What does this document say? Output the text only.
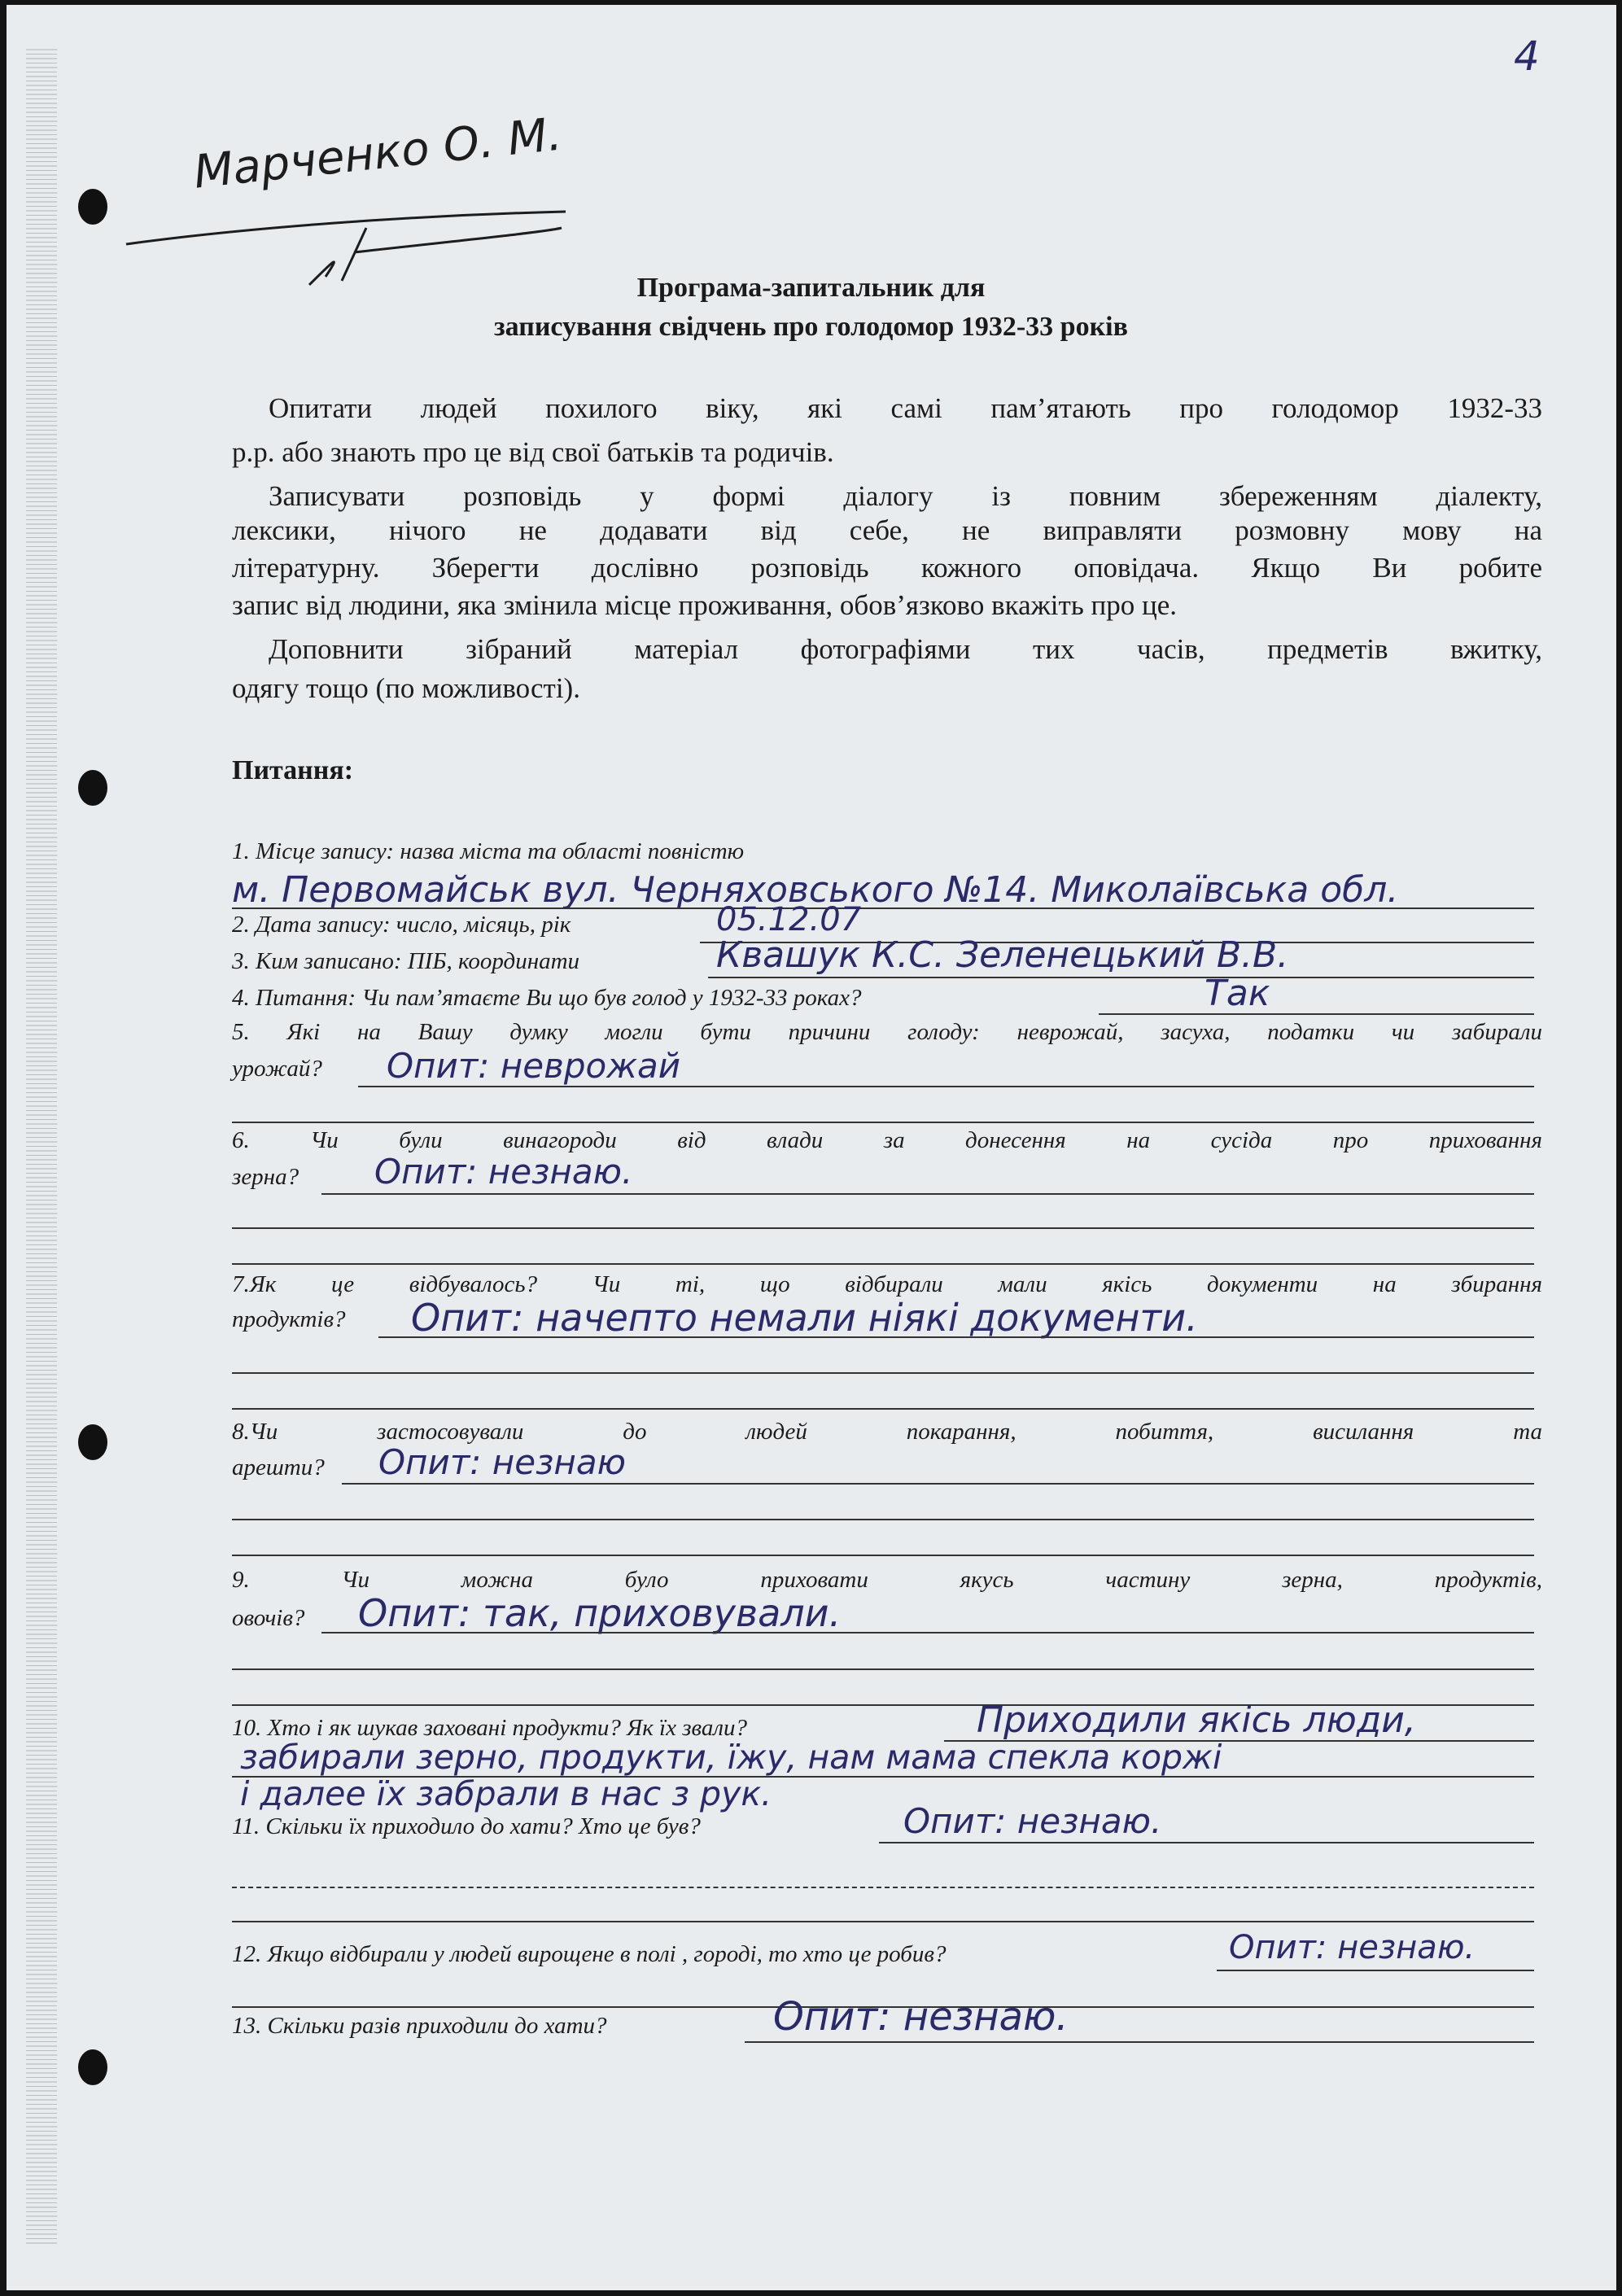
4
Марченко О. М.
Програма-запитальник для
записування свідчень про голодомор 1932-33 років
Опитати людей похилого віку, які самі пам’ятають про голодомор 1932-33
р.р. або знають про це від свої батьків та родичів.
Записувати розповідь у формі діалогу із повним збереженням діалекту,
лексики, нічого не додавати від себе, не виправляти розмовну мову на
літературну. Зберегти дослівно розповідь кожного оповідача. Якщо Ви робите
запис від людини, яка змінила місце проживання, обов’язково вкажіть про це.
Доповнити зібраний матеріал фотографіями тих часів, предметів вжитку,
одягу тощо (по можливості).
Питання:
1. Місце запису: назва міста та області повністю
м. Первомайськ вул. Черняховського №14. Миколаївська обл.
2. Дата запису: число, місяць, рік	05.12.07
3. Ким записано: ПІБ, координати	Квашук К.С. Зеленецький В.В.
4. Питання: Чи пам’ятаєте Ви що був голод у 1932-33 роках?	Так
5. Які на Вашу думку могли бути причини голоду: неврожай, засуха, податки чи забирали
урожай? Опит: неврожай
6. Чи були винагороди від влади за донесення на сусіда про приховання
зерна? Опит: незнаю.
7.Як це відбувалось? Чи ті, що відбирали мали якісь документи на збирання
продуктів? Опит: начепто немали ніякі документи.
8.Чи застосовували до людей покарання, побиття, висилання та
арешти? Опит: незнаю
9. Чи можна було приховати якусь частину зерна, продуктів,
овочів? Опит: так, приховували.
10. Хто і як шукав заховані продукти? Як їх звали?	Приходили якісь люди,
забирали зерно, продукти, їжу, нам мама спекла коржі
і далее їх забрали в нас з рук.
11. Скільки їх приходило до хати? Хто це був?	Опит: незнаю.
12. Якщо відбирали у людей вирощене в полі , городі, то хто це робив?	Опит: незнаю.
13. Скільки разів приходили до хати?	Опит: незнаю.
